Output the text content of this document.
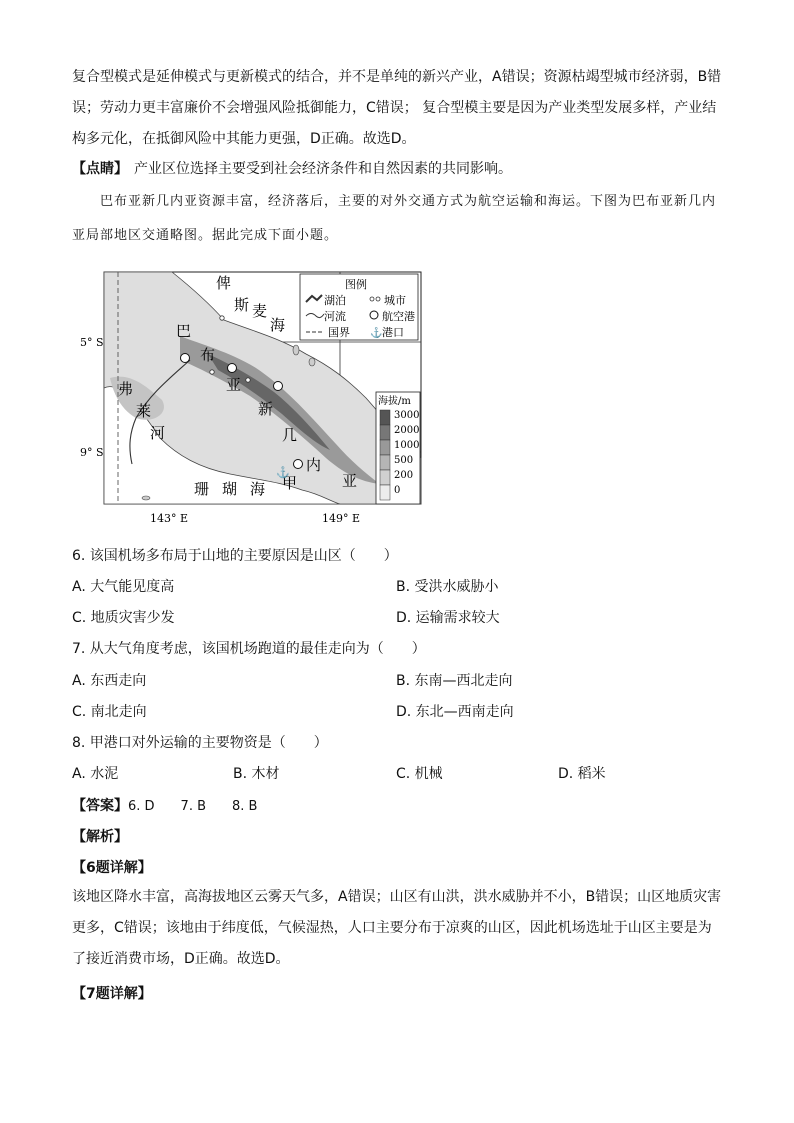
复合型模式是延伸模式与更新模式的结合，并不是单纯的新兴产业，A错误；资源枯竭型城市经济弱，B错误；劳动力更丰富廉价不会增强风险抵御能力，C错误； 复合型模主要是因为产业类型发展多样，产业结构多元化，在抵御风险中其能力更强，D正确。故选D。

【点睛】 产业区位选择主要受到社会经济条件和自然因素的共同影响。

巴布亚新几内亚资源丰富，经济落后，主要的对外交通方式为航空运输和海运。下图为巴布亚新几内亚局部地区交通略图。据此完成下面小题。

俾
斯 麦
海
巴
布
亚
新
几
内
亚
弗
莱
河
珊 瑚 海 甲
⚓
图例
湖泊	城市
河流	航空港
国界 ⚓ 港口
海拔/m
3000
2000
1000
500
200
0
5° S
9° S
143° E	149° E
6. 该国机场多布局于山地的主要原因是山区（　　）
A. 大气能见度高	B. 受洪水威胁小
C. 地质灾害少发	D. 运输需求较大
7. 从大气角度考虑，该国机场跑道的最佳走向为（　　）
A. 东西走向	B. 东南—西北走向
C. 南北走向	D. 东北—西南走向
8. 甲港口对外运输的主要物资是（　　）
A. 水泥	B. 木材	C. 机械	D. 稻米
【答案】6. D 7. B 8. B
【解析】
【6题详解】

该地区降水丰富，高海拔地区云雾天气多，A错误；山区有山洪，洪水威胁并不小，B错误；山区地质灾害更多，C错误；该地由于纬度低，气候湿热，人口主要分布于凉爽的山区，因此机场选址于山区主要是为了接近消费市场，D正确。故选D。

【7题详解】
